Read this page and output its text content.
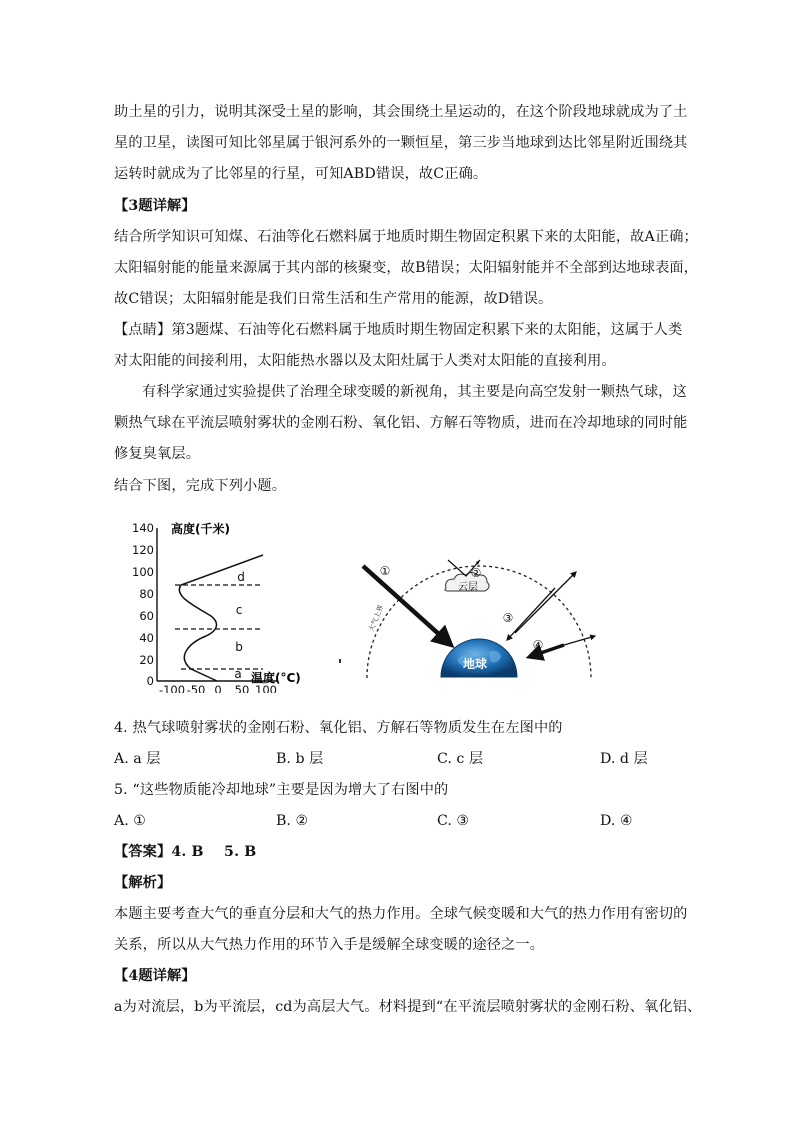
助土星的引力，说明其深受土星的影响，其会围绕土星运动的，在这个阶段地球就成为了土
星的卫星，读图可知比邻星属于银河系外的一颗恒星，第三步当地球到达比邻星附近围绕其
运转时就成为了比邻星的行星，可知ABD错误，故C正确。
【3题详解】
结合所学知识可知煤、石油等化石燃料属于地质时期生物固定积累下来的太阳能，故A正确；
太阳辐射能的能量来源属于其内部的核聚变，故B错误；太阳辐射能并不全部到达地球表面，
故C错误；太阳辐射能是我们日常生活和生产常用的能源，故D错误。
【点睛】第3题煤、石油等化石燃料属于地质时期生物固定积累下来的太阳能，这属于人类
对太阳能的间接利用，太阳能热水器以及太阳灶属于人类对太阳能的直接利用。
有科学家通过实验提供了治理全球变暖的新视角，其主要是向高空发射一颗热气球，这
颗热气球在平流层喷射雾状的金刚石粉、氧化铝、方解石等物质，进而在冷却地球的同时能
修复臭氧层。
结合下图，完成下列小题。
140
120
100
80
60
40
20
0
高度(千米)
温度(°C)
-100 -50 0 50 100
a
b
c
d
大气上界
地球
云层
①	②
③
④
4. 热气球喷射雾状的金刚石粉、氧化铝、方解石等物质发生在左图中的
A. a 层	B. b 层	C. c 层	D. d 层
5. “这些物质能冷却地球”主要是因为增大了右图中的
A. ①	B. ②	C. ③	D. ④
【答案】4. B    5. B
【解析】
本题主要考查大气的垂直分层和大气的热力作用。全球气候变暖和大气的热力作用有密切的
关系，所以从大气热力作用的环节入手是缓解全球变暖的途径之一。
【4题详解】
a为对流层，b为平流层，cd为高层大气。材料提到“在平流层喷射雾状的金刚石粉、氧化铝、
